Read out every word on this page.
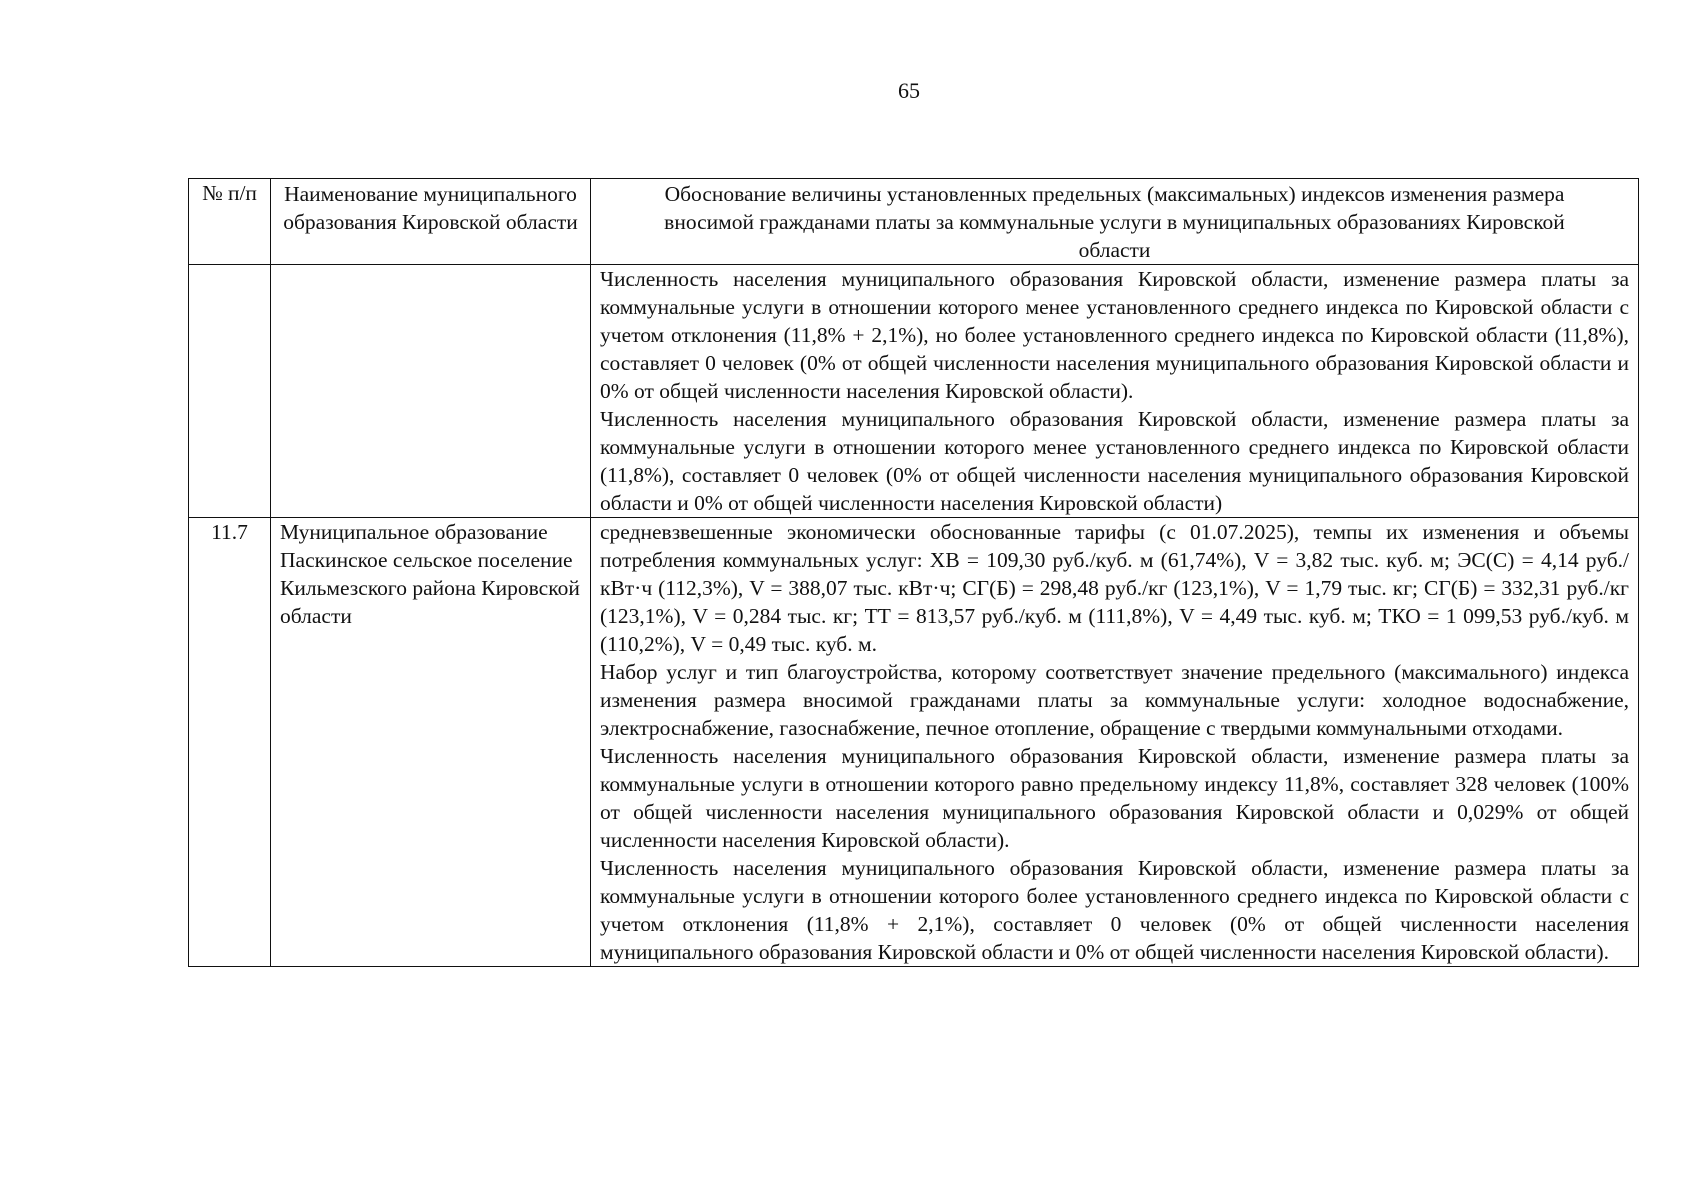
65
№ п/п	Наименование муниципального образования Кировской области	Обоснование величины установленных предельных (максимальных) индексов изменения размера вносимой гражданами платы за коммунальные услуги в муниципальных образованиях Кировской области

		Численность населения муниципального образования Кировской области, изменение размера платы за коммунальные услуги в отношении которого менее установленного среднего индекса по Кировской области с учетом отклонения (11,8% + 2,1%), но более установленного среднего индекса по Кировской области (11,8%), составляет 0 человек (0% от общей численности населения муниципального образования Кировской области и 0% от общей численности населения Кировской области).

Численность населения муниципального образования Кировской области, изменение размера платы за коммунальные услуги в отношении которого менее установленного среднего индекса по Кировской области (11,8%), составляет 0 человек (0% от общей численности населения муниципального образования Кировской области и 0% от общей численности населения Кировской области)

11.7	Муниципальное образование Паскинское сельское поселение Кильмезского района Кировской области	средневзвешенные экономически обоснованные тарифы (с 01.07.2025), темпы их изменения и объемы потребления коммунальных услуг: ХВ = 109,30 руб./куб. м (61,74%), V = 3,82 тыс. куб. м; ЭС(С) = 4,14 руб./кВт·ч (112,3%), V = 388,07 тыс. кВт·ч; СГ(Б) = 298,48 руб./кг (123,1%), V = 1,79 тыс. кг; СГ(Б) = 332,31 руб./кг (123,1%), V = 0,284 тыс. кг; ТТ = 813,57 руб./куб. м (111,8%), V = 4,49 тыс. куб. м; ТКО = 1 099,53 руб./куб. м (110,2%), V = 0,49 тыс. куб. м.

Набор услуг и тип благоустройства, которому соответствует значение предельного (максимального) индекса изменения размера вносимой гражданами платы за коммунальные услуги: холодное водоснабжение, электроснабжение, газоснабжение, печное отопление, обращение с твердыми коммунальными отходами.

Численность населения муниципального образования Кировской области, изменение размера платы за коммунальные услуги в отношении которого равно предельному индексу 11,8%, составляет 328 человек (100% от общей численности населения муниципального образования Кировской области и 0,029% от общей численности населения Кировской области).

Численность населения муниципального образования Кировской области, изменение размера платы за коммунальные услуги в отношении которого более установленного среднего индекса по Кировской области с учетом отклонения (11,8% + 2,1%), составляет 0 человек (0% от общей численности населения муниципального образования Кировской области и 0% от общей численности населения Кировской области).
